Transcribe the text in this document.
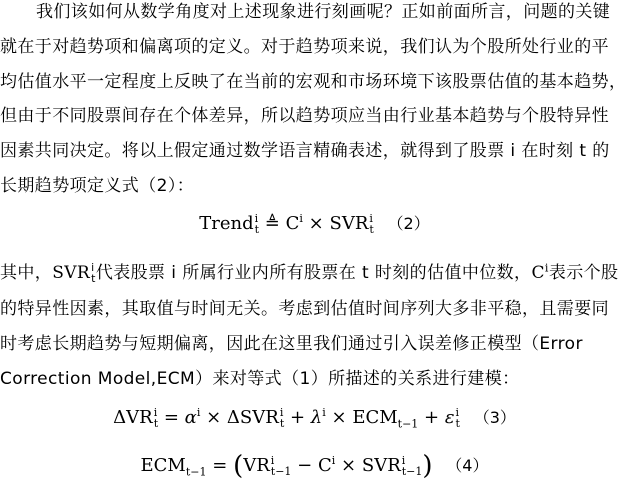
我们该如何从数学角度对上述现象进行刻画呢？正如前面所言，问题的关键
就在于对趋势项和偏离项的定义。对于趋势项来说，我们认为个股所处行业的平
均估值水平一定程度上反映了在当前的宏观和市场环境下该股票估值的基本趋势，
但由于不同股票间存在个体差异，所以趋势项应当由行业基本趋势与个股特异性
因素共同决定。将以上假定通过数学语言精确表述，就得到了股票 i 在时刻 t 的
长期趋势项定义式（2）：
Trend i
t ≜ $C^i$ × SVR i
t （2）
其中，SVR i
t 代表股票 i 所属行业内所有股票在 t 时刻的估值中位数，$C^i$表示个股
的特异性因素，其取值与时间无关。考虑到估值时间序列大多非平稳，且需要同
时考虑长期趋势与短期偏离，因此在这里我们通过引入误差修正模型（Error
Correction Model,ECM）来对等式（1）所描述的关系进行建模：
ΔVR i
$t = \alpha^i \times \Delta SVR$ i
$t + \lambda^i \times ECM_{t-1} + \varepsilon$ i
t （3）
$ECM_{t-1} = (VR$ i
$t-1 - C^i$ × SVR i
t−1 ) （4）
